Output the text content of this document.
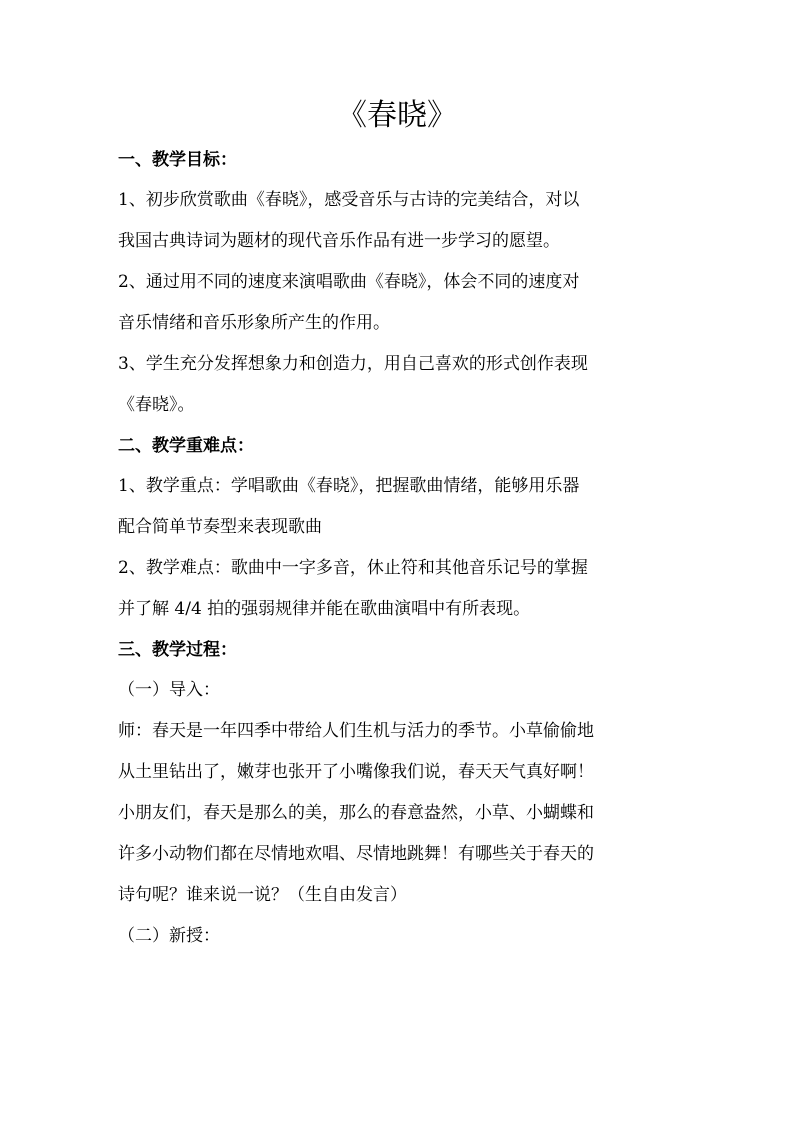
《春晓》
一、教学目标：
1、初步欣赏歌曲《春晓》，感受音乐与古诗的完美结合，对以
我国古典诗词为题材的现代音乐作品有进一步学习的愿望。
2、通过用不同的速度来演唱歌曲《春晓》，体会不同的速度对
音乐情绪和音乐形象所产生的作用。
3、学生充分发挥想象力和创造力，用自己喜欢的形式创作表现
《春晓》。
二、教学重难点：
1、教学重点：学唱歌曲《春晓》，把握歌曲情绪，能够用乐器
配合简单节奏型来表现歌曲
2、教学难点：歌曲中一字多音，休止符和其他音乐记号的掌握
并了解 4/4 拍的强弱规律并能在歌曲演唱中有所表现。
三、教学过程：
（一）导入：
师：春天是一年四季中带给人们生机与活力的季节。小草偷偷地
从土里钻出了，嫩芽也张开了小嘴像我们说，春天天气真好啊！
小朋友们，春天是那么的美，那么的春意盎然，小草、小蝴蝶和
许多小动物们都在尽情地欢唱、尽情地跳舞！有哪些关于春天的
诗句呢？谁来说一说？（生自由发言）
（二）新授：
